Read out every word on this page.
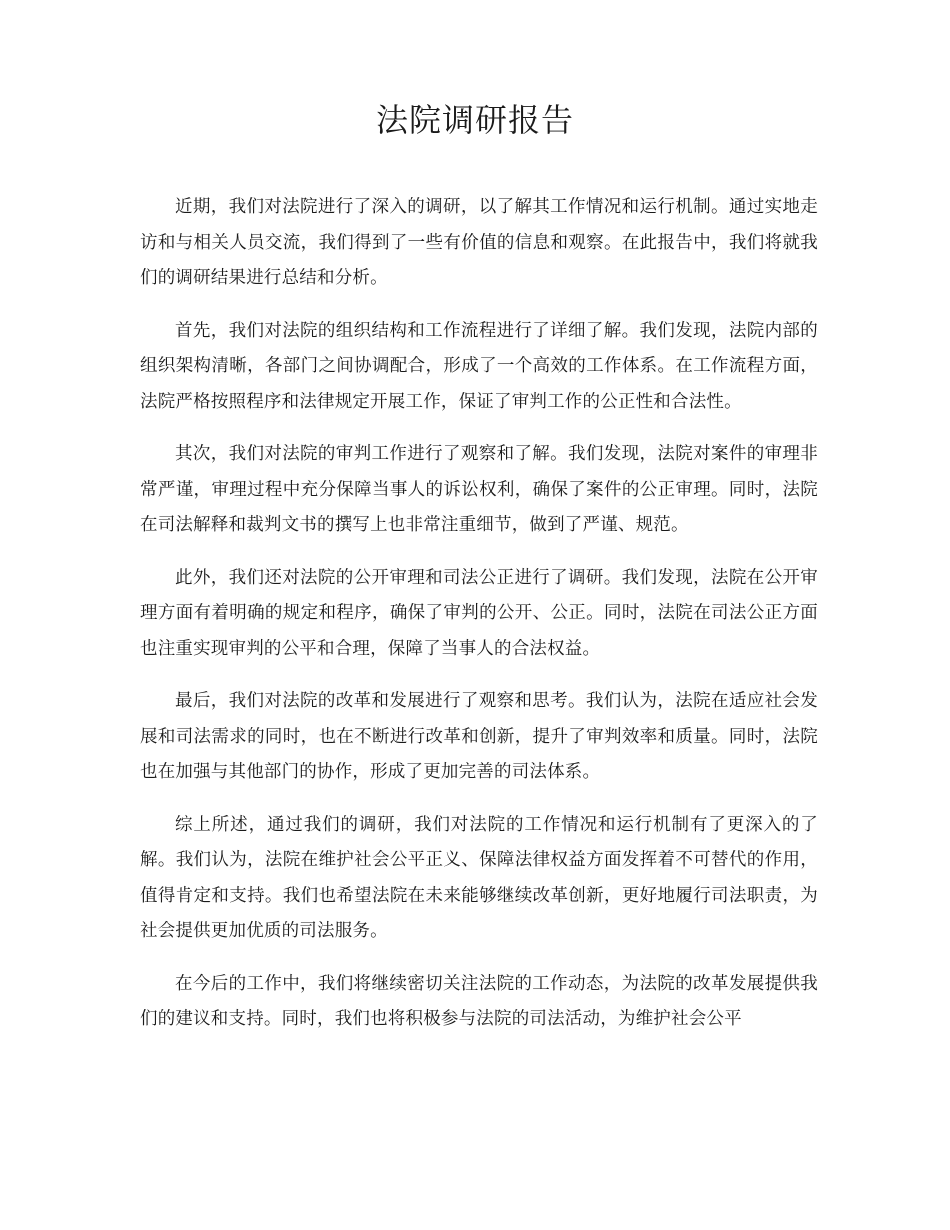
法院调研报告

近期，我们对法院进行了深入的调研，以了解其工作情况和运行机制。通过实地走访和与相关人员交流，我们得到了一些有价值的信息和观察。在此报告中，我们将就我们的调研结果进行总结和分析。

首先，我们对法院的组织结构和工作流程进行了详细了解。我们发现，法院内部的组织架构清晰，各部门之间协调配合，形成了一个高效的工作体系。在工作流程方面，法院严格按照程序和法律规定开展工作，保证了审判工作的公正性和合法性。

其次，我们对法院的审判工作进行了观察和了解。我们发现，法院对案件的审理非常严谨，审理过程中充分保障当事人的诉讼权利，确保了案件的公正审理。同时，法院在司法解释和裁判文书的撰写上也非常注重细节，做到了严谨、规范。

此外，我们还对法院的公开审理和司法公正进行了调研。我们发现，法院在公开审理方面有着明确的规定和程序，确保了审判的公开、公正。同时，法院在司法公正方面也注重实现审判的公平和合理，保障了当事人的合法权益。

最后，我们对法院的改革和发展进行了观察和思考。我们认为，法院在适应社会发展和司法需求的同时，也在不断进行改革和创新，提升了审判效率和质量。同时，法院也在加强与其他部门的协作，形成了更加完善的司法体系。

综上所述，通过我们的调研，我们对法院的工作情况和运行机制有了更深入的了解。我们认为，法院在维护社会公平正义、保障法律权益方面发挥着不可替代的作用，值得肯定和支持。我们也希望法院在未来能够继续改革创新，更好地履行司法职责，为社会提供更加优质的司法服务。

在今后的工作中，我们将继续密切关注法院的工作动态，为法院的改革发展提供我们的建议和支持。同时，我们也将积极参与法院的司法活动，为维护社会公平
